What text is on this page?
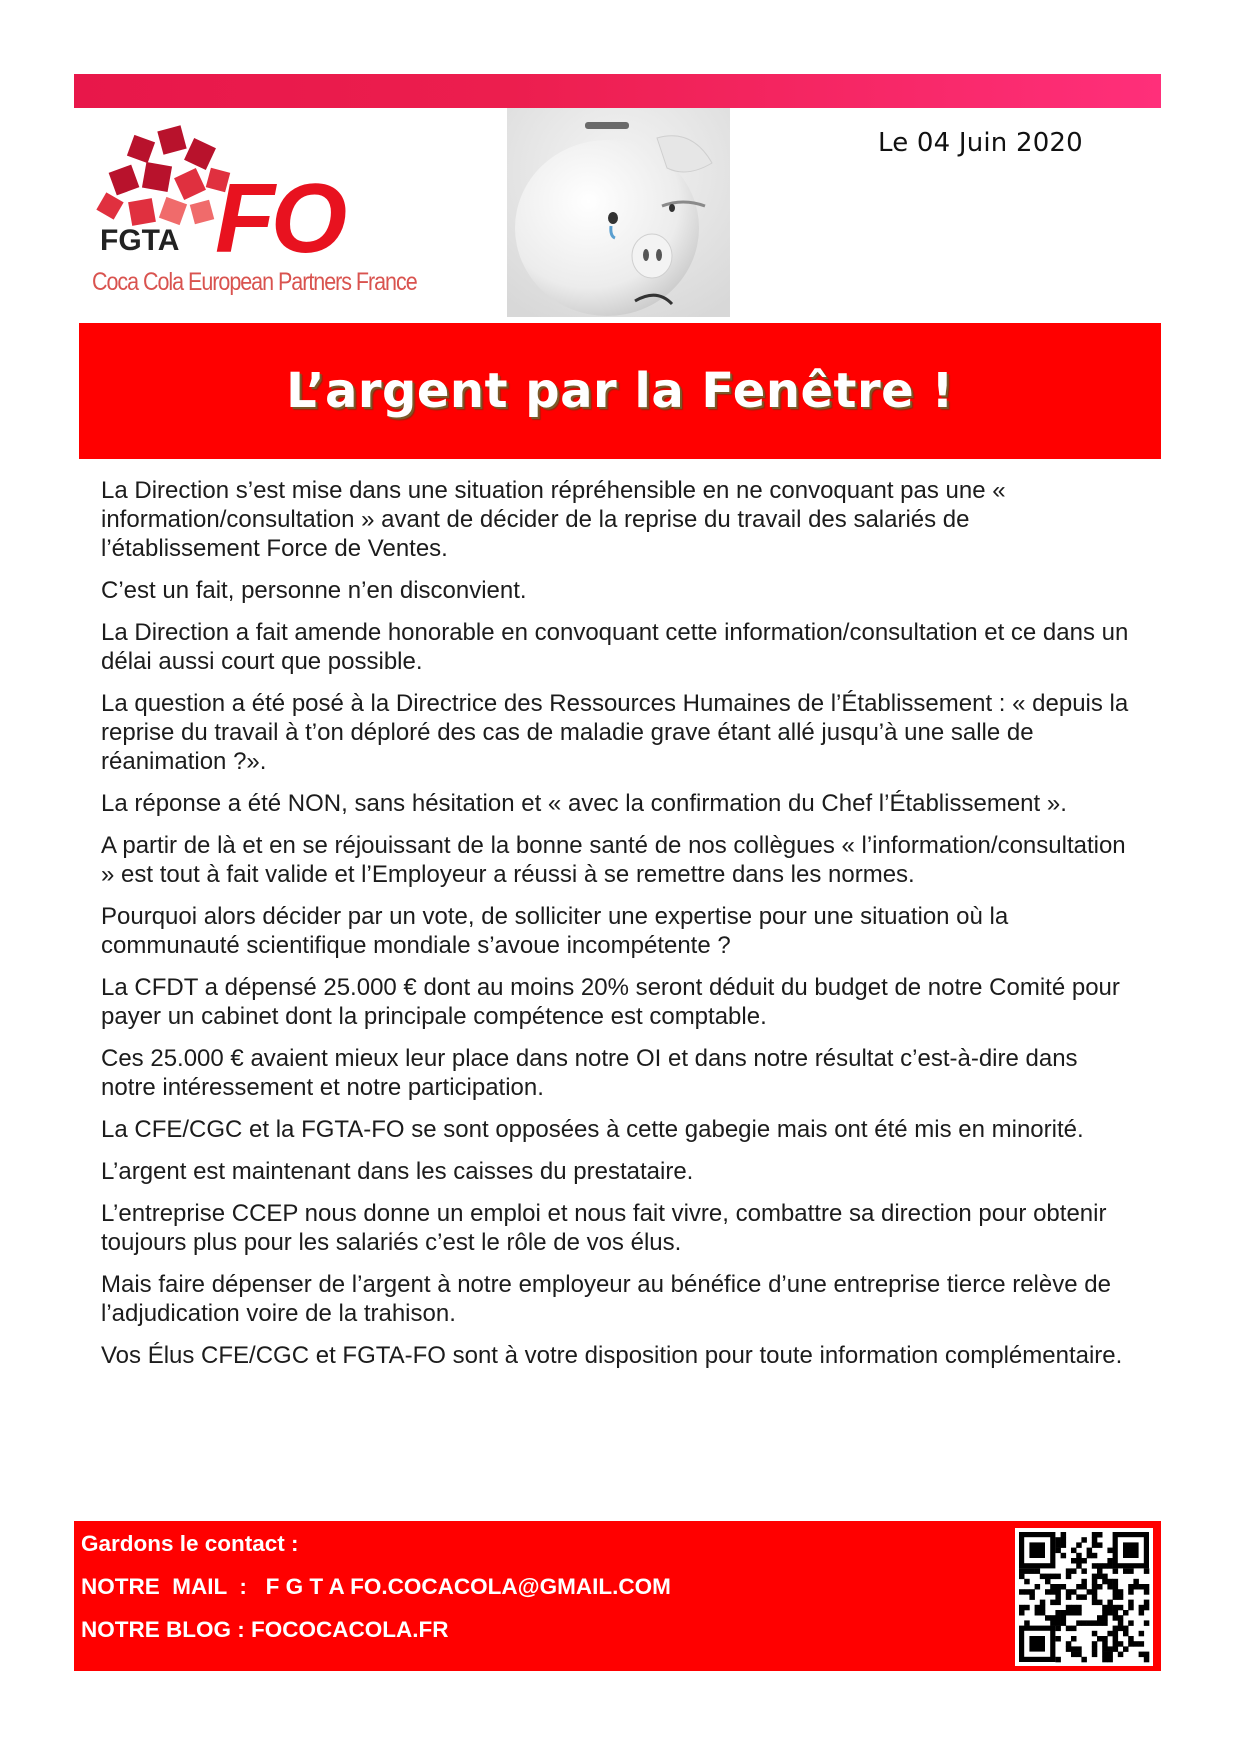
FGTA FO
Coca Cola European Partners France
Le 04 Juin 2020
L’argent par la Fenêtre !

La Direction s’est mise dans une situation répréhensible en ne convoquant pas une « information/consultation » avant de décider de la reprise du travail des salariés de l’établissement Force de Ventes.

C’est un fait, personne n’en disconvient.

La Direction a fait amende honorable en convoquant cette information/consultation et ce dans un délai aussi court que possible.

La question a été posé à la Directrice des Ressources Humaines de l’Établissement : « depuis la reprise du travail à t’on déploré des cas de maladie grave étant allé jusqu’à une salle de réanimation ?».

La réponse a été NON, sans hésitation et « avec la confirmation du Chef l’Établissement ».

A partir de là et en se réjouissant de la bonne santé de nos collègues « l’information/consultation » est tout à fait valide et l’Employeur a réussi à se remettre dans les normes.

Pourquoi alors décider par un vote, de solliciter une expertise pour une situation où la communauté scientifique mondiale s’avoue incompétente ?

La CFDT a dépensé 25.000 € dont au moins 20% seront déduit du budget de notre Comité pour payer un cabinet dont la principale compétence est comptable.

Ces 25.000 € avaient mieux leur place dans notre OI et dans notre résultat c’est-à-dire dans notre intéressement et notre participation.

La CFE/CGC et la FGTA-FO se sont opposées à cette gabegie mais ont été mis en minorité.

L’argent est maintenant dans les caisses du prestataire.

L’entreprise CCEP nous donne un emploi et nous fait vivre, combattre sa direction pour obtenir toujours plus pour les salariés c’est le rôle de vos élus.

Mais faire dépenser de l’argent à notre employeur au bénéfice d’une entreprise tierce relève de l’adjudication voire de la trahison.

Vos Élus CFE/CGC et FGTA-FO sont à votre disposition pour toute information complémentaire.

Gardons le contact :
NOTRE  MAIL  :   F G T A FO.COCACOLA@GMAIL.COM
NOTRE BLOG : FOCOCACOLA.FR
